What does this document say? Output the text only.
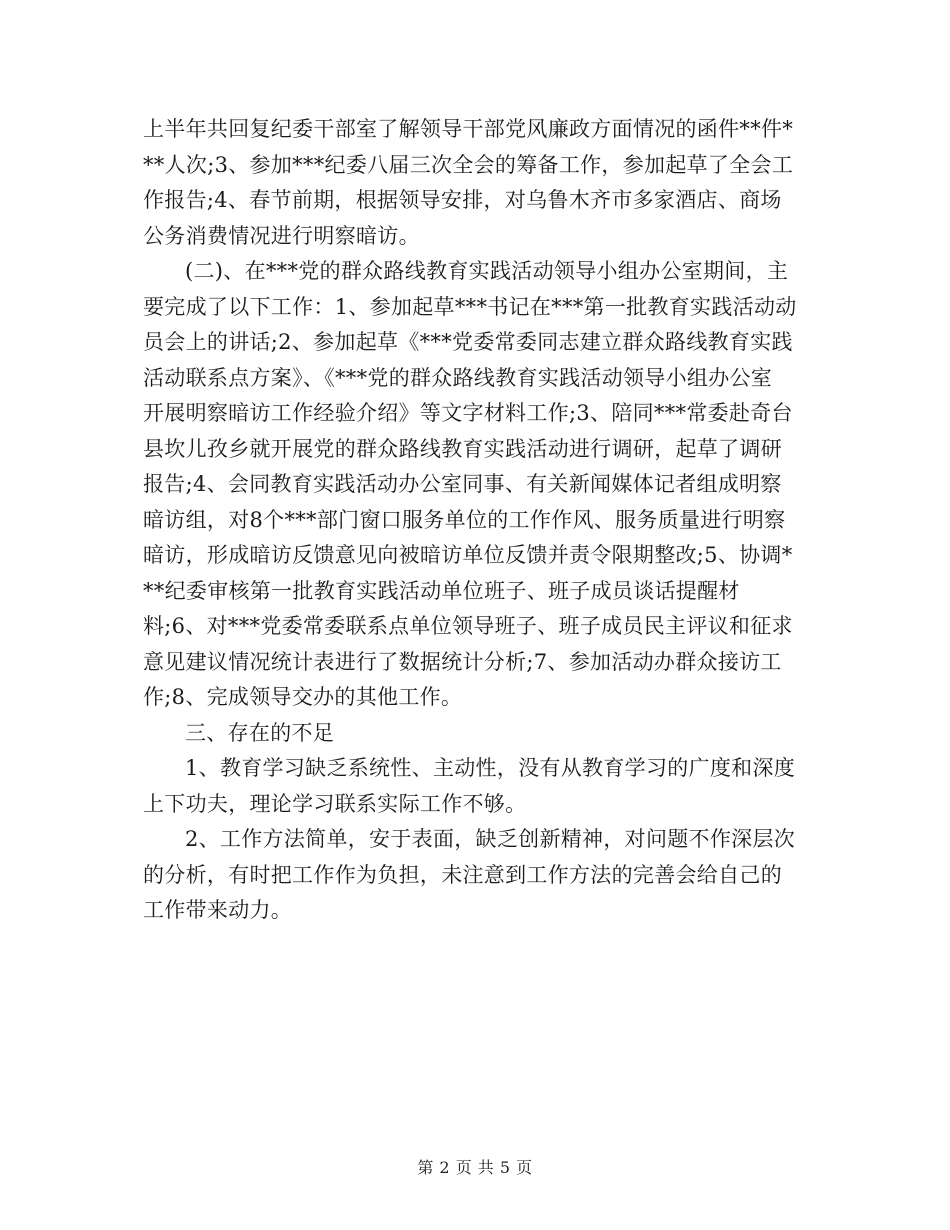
上半年共回复纪委干部室了解领导干部党风廉政方面情况的函件**件*
**人次;3、参加***纪委八届三次全会的筹备工作，参加起草了全会工
作报告;4、春节前期，根据领导安排，对乌鲁木齐市多家酒店、商场
公务消费情况进行明察暗访。
(二)、在***党的群众路线教育实践活动领导小组办公室期间，主
要完成了以下工作：1、参加起草***书记在***第一批教育实践活动动
员会上的讲话;2、参加起草《***党委常委同志建立群众路线教育实践
活动联系点方案》、《***党的群众路线教育实践活动领导小组办公室
开展明察暗访工作经验介绍》等文字材料工作;3、陪同***常委赴奇台
县坎儿孜乡就开展党的群众路线教育实践活动进行调研，起草了调研
报告;4、会同教育实践活动办公室同事、有关新闻媒体记者组成明察
暗访组，对8个***部门窗口服务单位的工作作风、服务质量进行明察
暗访，形成暗访反馈意见向被暗访单位反馈并责令限期整改;5、协调*
**纪委审核第一批教育实践活动单位班子、班子成员谈话提醒材
料;6、对***党委常委联系点单位领导班子、班子成员民主评议和征求
意见建议情况统计表进行了数据统计分析;7、参加活动办群众接访工
作;8、完成领导交办的其他工作。
三、存在的不足
1、教育学习缺乏系统性、主动性，没有从教育学习的广度和深度
上下功夫，理论学习联系实际工作不够。
2、工作方法简单，安于表面，缺乏创新精神，对问题不作深层次
的分析，有时把工作作为负担，未注意到工作方法的完善会给自己的
工作带来动力。
第 2 页 共 5 页
